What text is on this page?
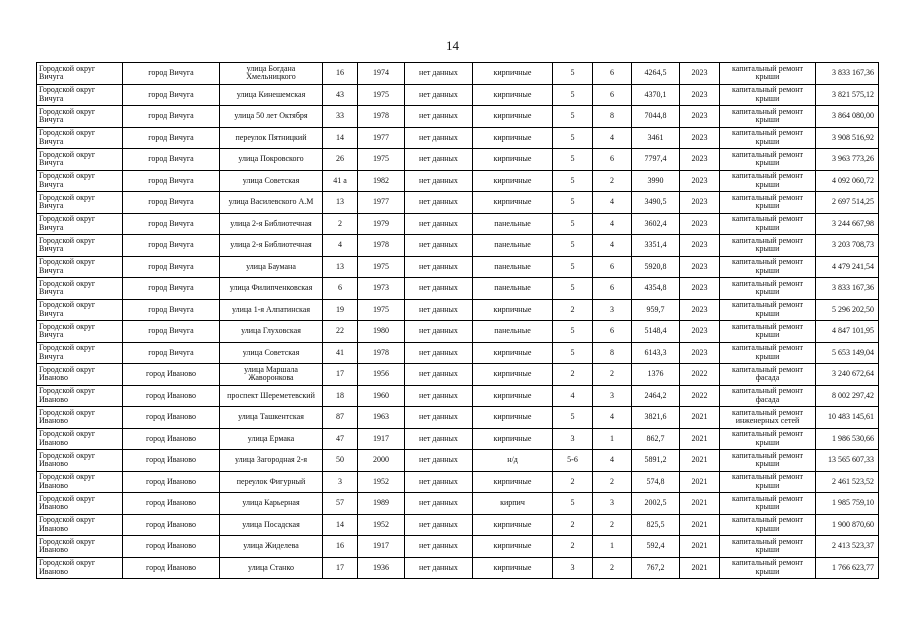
14
Городской округ Вичуга	город Вичуга	улица Богдана Хмельницкого	16	1974	нет данных	кирпичные	5	6	4264,5	2023	капитальный ремонт крыши	3 833 167,36
Городской округ Вичуга	город Вичуга	улица Кинешемская	43	1975	нет данных	кирпичные	5	6	4370,1	2023	капитальный ремонт крыши	3 821 575,12
Городской округ Вичуга	город Вичуга	улица 50 лет Октября	33	1978	нет данных	кирпичные	5	8	7044,8	2023	капитальный ремонт крыши	3 864 080,00
Городской округ Вичуга	город Вичуга	переулок Пятницкий	14	1977	нет данных	кирпичные	5	4	3461	2023	капитальный ремонт крыши	3 908 516,92
Городской округ Вичуга	город Вичуга	улица Покровского	26	1975	нет данных	кирпичные	5	6	7797,4	2023	капитальный ремонт крыши	3 963 773,26
Городской округ Вичуга	город Вичуга	улица Советская	41 а	1982	нет данных	кирпичные	5	2	3990	2023	капитальный ремонт крыши	4 092 060,72
Городской округ Вичуга	город Вичуга	улица Василевского А.М	13	1977	нет данных	кирпичные	5	4	3490,5	2023	капитальный ремонт крыши	2 697 514,25
Городской округ Вичуга	город Вичуга	улица 2-я Библиотечная	2	1979	нет данных	панельные	5	4	3602,4	2023	капитальный ремонт крыши	3 244 667,98
Городской округ Вичуга	город Вичуга	улица 2-я Библиотечная	4	1978	нет данных	панельные	5	4	3351,4	2023	капитальный ремонт крыши	3 203 708,73
Городской округ Вичуга	город Вичуга	улица Баумана	13	1975	нет данных	панельные	5	6	5920,8	2023	капитальный ремонт крыши	4 479 241,54
Городской округ Вичуга	город Вичуга	улица Филипченковская	6	1973	нет данных	панельные	5	6	4354,8	2023	капитальный ремонт крыши	3 833 167,36
Городской округ Вичуга	город Вичуга	улица 1-я Алпатинская	19	1975	нет данных	кирпичные	2	3	959,7	2023	капитальный ремонт крыши	5 296 202,50
Городской округ Вичуга	город Вичуга	улица Глуховская	22	1980	нет данных	панельные	5	6	5148,4	2023	капитальный ремонт крыши	4 847 101,95
Городской округ Вичуга	город Вичуга	улица Советская	41	1978	нет данных	кирпичные	5	8	6143,3	2023	капитальный ремонт крыши	5 653 149,04
Городской округ Иваново	город Иваново	улица Маршала Жаворонкова	17	1956	нет данных	кирпичные	2	2	1376	2022	капитальный ремонт фасада	3 240 672,64
Городской округ Иваново	город Иваново	проспект Шереметевский	18	1960	нет данных	кирпичные	4	3	2464,2	2022	капитальный ремонт фасада	8 002 297,42
Городской округ Иваново	город Иваново	улица Ташкентская	87	1963	нет данных	кирпичные	5	4	3821,6	2021	капитальный ремонт инженерных сетей	10 483 145,61
Городской округ Иваново	город Иваново	улица Ермака	47	1917	нет данных	кирпичные	3	1	862,7	2021	капитальный ремонт крыши	1 986 530,66
Городской округ Иваново	город Иваново	улица Загородная 2-я	50	2000	нет данных	н/д	5-6	4	5891,2	2021	капитальный ремонт крыши	13 565 607,33
Городской округ Иваново	город Иваново	переулок Фигурный	3	1952	нет данных	кирпичные	2	2	574,8	2021	капитальный ремонт крыши	2 461 523,52
Городской округ Иваново	город Иваново	улица Карьерная	57	1989	нет данных	кирпич	5	3	2002,5	2021	капитальный ремонт крыши	1 985 759,10
Городской округ Иваново	город Иваново	улица Посадская	14	1952	нет данных	кирпичные	2	2	825,5	2021	капитальный ремонт крыши	1 900 870,60
Городской округ Иваново	город Иваново	улица Жиделева	16	1917	нет данных	кирпичные	2	1	592,4	2021	капитальный ремонт крыши	2 413 523,37
Городской округ Иваново	город Иваново	улица Станко	17	1936	нет данных	кирпичные	3	2	767,2	2021	капитальный ремонт крыши	1 766 623,77
